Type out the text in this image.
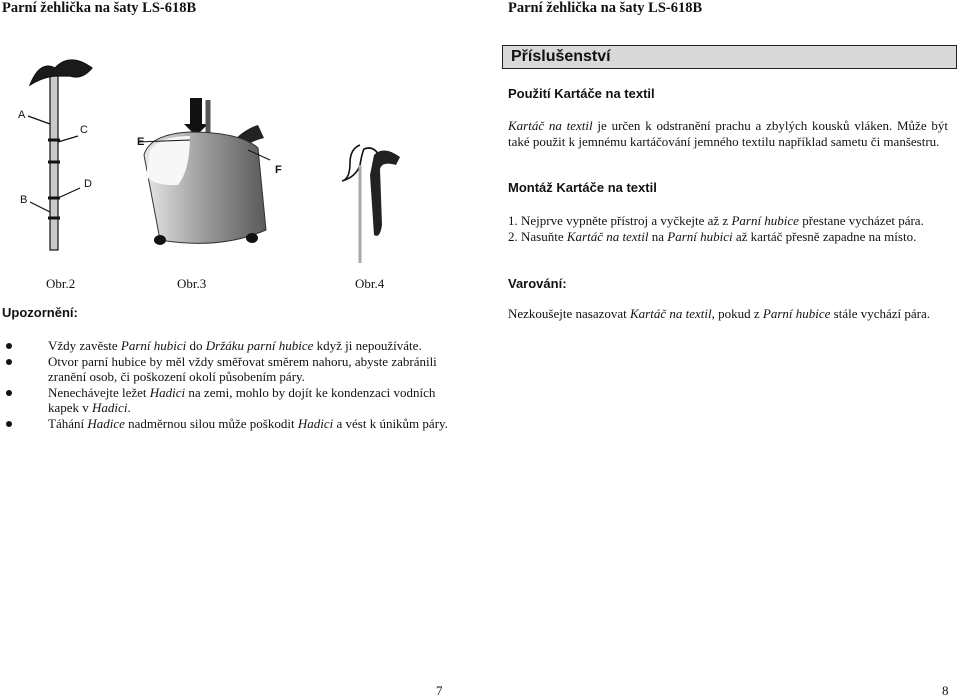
Parní žehlička na šaty LS-618B	Parní žehlička na šaty LS-618B
A
C
D
B
E
F
Obr.2	Obr.3	Obr.4
Upozornění:
Vždy zavěste Parní hubici do Držáku parní hubice když ji nepoužíváte.
Otvor parní hubice by měl vždy směřovat směrem nahoru, abyste zabránili zranění osob, či poškození okolí působením páry.
Nenechávejte ležet Hadici na zemi, mohlo by dojít ke kondenzaci vodních kapek v Hadici.
Táhání Hadice nadměrnou silou může poškodit Hadici a vést k únikům páry.
Příslušenství
Použití Kartáče na textil
Kartáč na textil je určen k odstranění prachu a zbylých kousků vláken. Může být také použit k jemnému kartáčování jemného textilu například sametu či manšestru.
Montáž Kartáče na textil
1. Nejprve vypněte přístroj a vyčkejte až z Parní hubice přestane vycházet pára.
2. Nasuňte Kartáč na textil na Parní hubici až kartáč přesně zapadne na místo.
Varování:
Nezkoušejte nasazovat Kartáč na textil, pokud z Parní hubice stále vychází pára.
7	8
